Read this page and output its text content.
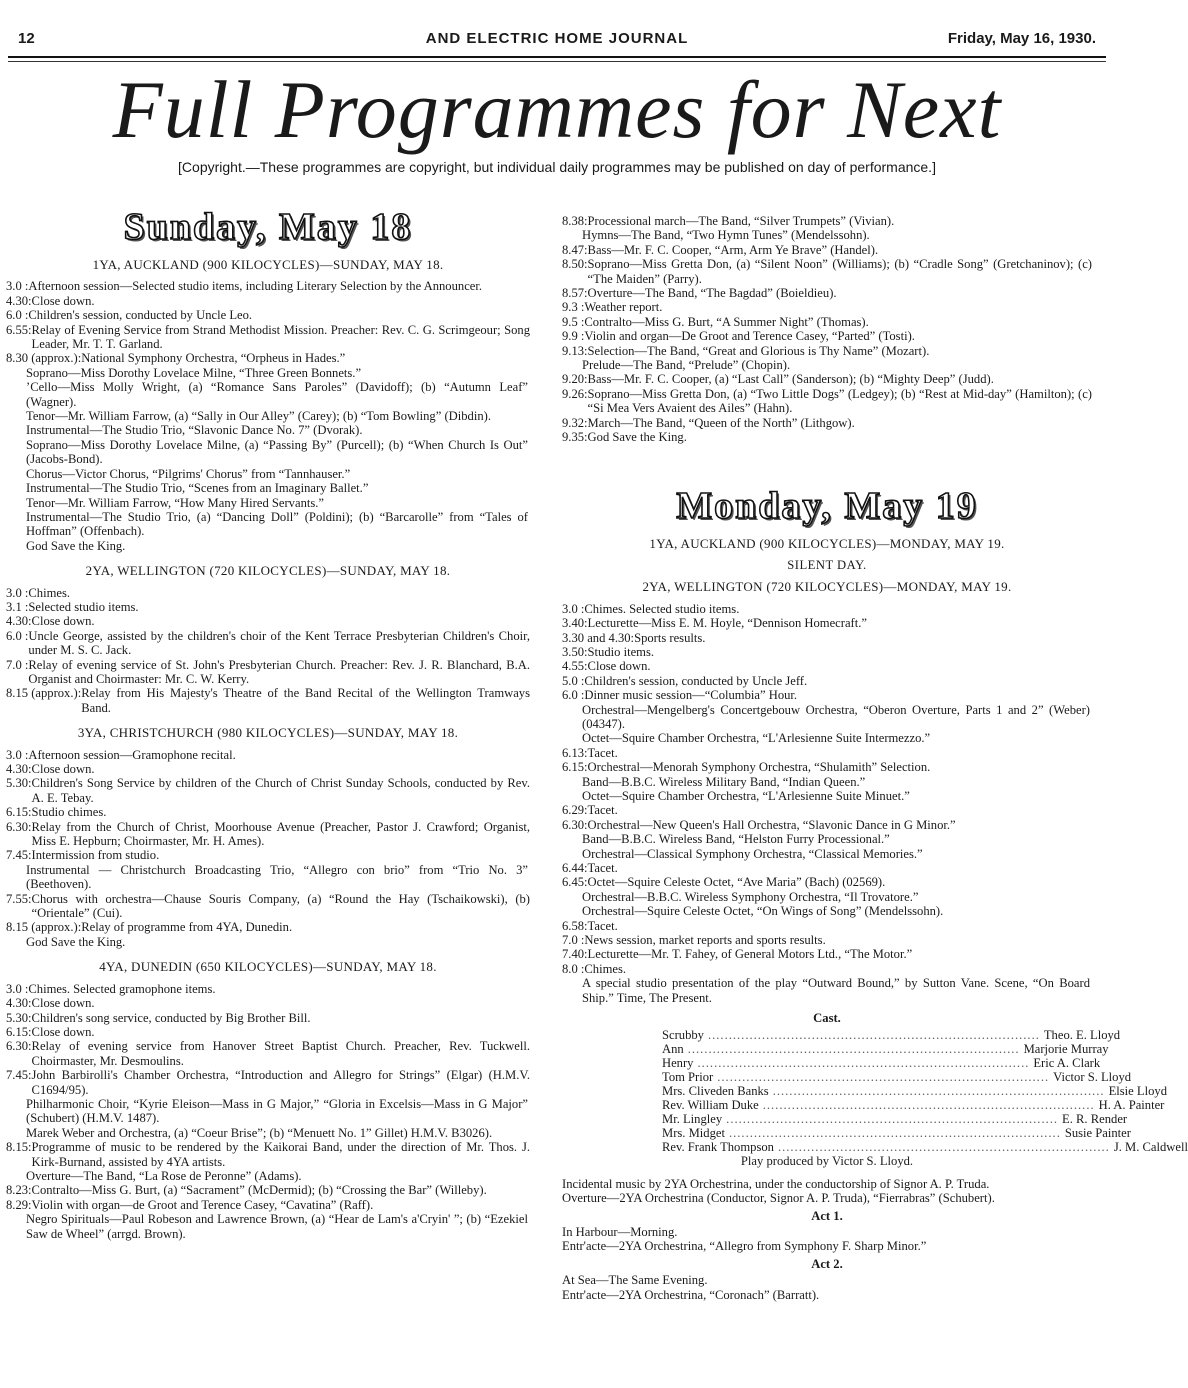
12	AND ELECTRIC HOME JOURNAL	Friday, May 16, 1930.
Full Programmes for Next
[Copyright.—These programmes are copyright, but individual daily programmes may be published on day of performance.]
Sunday, May 18
1YA, AUCKLAND (900 KILOCYCLES)—SUNDAY, MAY 18.
3.0 : Afternoon session—Selected studio items, including Literary Selection by the Announcer.
4.30: Close down.
6.0 : Children's session, conducted by Uncle Leo.
6.55: Relay of Evening Service from Strand Methodist Mission. Preacher: Rev. C. G. Scrimgeour; Song Leader, Mr. T. T. Garland.
8.30 (approx.): National Symphony Orchestra, “Orpheus in Hades.”
Soprano—Miss Dorothy Lovelace Milne, “Three Green Bonnets.”
’Cello—Miss Molly Wright, (a) “Romance Sans Paroles” (Davidoff); (b) “Autumn Leaf” (Wagner).
Tenor—Mr. William Farrow, (a) “Sally in Our Alley” (Carey); (b) “Tom Bowling” (Dibdin).
Instrumental—The Studio Trio, “Slavonic Dance No. 7” (Dvorak).
Soprano—Miss Dorothy Lovelace Milne, (a) “Passing By” (Purcell); (b) “When Church Is Out” (Jacobs-Bond).
Chorus—Victor Chorus, “Pilgrims' Chorus” from “Tannhauser.”
Instrumental—The Studio Trio, “Scenes from an Imaginary Ballet.”
Tenor—Mr. William Farrow, “How Many Hired Servants.”
Instrumental—The Studio Trio, (a) “Dancing Doll” (Poldini); (b) “Barcarolle” from “Tales of Hoffman” (Offenbach).
God Save the King.
2YA, WELLINGTON (720 KILOCYCLES)—SUNDAY, MAY 18.
3.0 : Chimes.
3.1 : Selected studio items.
4.30: Close down.
6.0 : Uncle George, assisted by the children's choir of the Kent Terrace Presbyterian Children's Choir, under M. S. C. Jack.
7.0 : Relay of evening service of St. John's Presbyterian Church. Preacher: Rev. J. R. Blanchard, B.A. Organist and Choirmaster: Mr. C. W. Kerry.
8.15 (approx.): Relay from His Majesty's Theatre of the Band Recital of the Wellington Tramways Band.
3YA, CHRISTCHURCH (980 KILOCYCLES)—SUNDAY, MAY 18.
3.0 : Afternoon session—Gramophone recital.
4.30: Close down.
5.30: Children's Song Service by children of the Church of Christ Sunday Schools, conducted by Rev. A. E. Tebay.
6.15: Studio chimes.
6.30: Relay from the Church of Christ, Moorhouse Avenue (Preacher, Pastor J. Crawford; Organist, Miss E. Hepburn; Choirmaster, Mr. H. Ames).
7.45: Intermission from studio.
Instrumental — Christchurch Broadcasting Trio, “Allegro con brio” from “Trio No. 3” (Beethoven).
7.55: Chorus with orchestra—Chause Souris Company, (a) “Round the Hay (Tschaikowski), (b) “Orientale” (Cui).
8.15 (approx.): Relay of programme from 4YA, Dunedin.
God Save the King.
4YA, DUNEDIN (650 KILOCYCLES)—SUNDAY, MAY 18.
3.0 : Chimes. Selected gramophone items.
4.30: Close down.
5.30: Children's song service, conducted by Big Brother Bill.
6.15: Close down.
6.30: Relay of evening service from Hanover Street Baptist Church. Preacher, Rev. Tuckwell. Choirmaster, Mr. Desmoulins.
7.45: John Barbirolli's Chamber Orchestra, “Introduction and Allegro for Strings” (Elgar) (H.M.V. C1694/95).
Philharmonic Choir, “Kyrie Eleison—Mass in G Major,” “Gloria in Excelsis—Mass in G Major” (Schubert) (H.M.V. 1487).
Marek Weber and Orchestra, (a) “Coeur Brise”; (b) “Menuett No. 1” Gillet) H.M.V. B3026).
8.15: Programme of music to be rendered by the Kaikorai Band, under the direction of Mr. Thos. J. Kirk-Burnand, assisted by 4YA artists.
Overture—The Band, “La Rose de Peronne” (Adams).
8.23: Contralto—Miss G. Burt, (a) “Sacrament” (McDermid); (b) “Crossing the Bar” (Willeby).
8.29: Violin with organ—de Groot and Terence Casey, “Cavatina” (Raff).
Negro Spirituals—Paul Robeson and Lawrence Brown, (a) “Hear de Lam's a'Cryin' ”; (b) “Ezekiel Saw de Wheel” (arrgd. Brown).
8.38: Processional march—The Band, “Silver Trumpets” (Vivian).
Hymns—The Band, “Two Hymn Tunes” (Mendelssohn).
8.47: Bass—Mr. F. C. Cooper, “Arm, Arm Ye Brave” (Handel).
8.50: Soprano—Miss Gretta Don, (a) “Silent Noon” (Williams); (b) “Cradle Song” (Gretchaninov); (c) “The Maiden” (Parry).
8.57: Overture—The Band, “The Bagdad” (Boieldieu).
9.3 : Weather report.
9.5 : Contralto—Miss G. Burt, “A Summer Night” (Thomas).
9.9 : Violin and organ—De Groot and Terence Casey, “Parted” (Tosti).
9.13: Selection—The Band, “Great and Glorious is Thy Name” (Mozart).
Prelude—The Band, “Prelude” (Chopin).
9.20: Bass—Mr. F. C. Cooper, (a) “Last Call” (Sanderson); (b) “Mighty Deep” (Judd).
9.26: Soprano—Miss Gretta Don, (a) “Two Little Dogs” (Ledgey); (b) “Rest at Mid-day” (Hamilton); (c) “Si Mea Vers Avaient des Ailes” (Hahn).
9.32: March—The Band, “Queen of the North” (Lithgow).
9.35: God Save the King.
Monday, May 19
1YA, AUCKLAND (900 KILOCYCLES)—MONDAY, MAY 19.
SILENT DAY.
2YA, WELLINGTON (720 KILOCYCLES)—MONDAY, MAY 19.
3.0 : Chimes. Selected studio items.
3.40: Lecturette—Miss E. M. Hoyle, “Dennison Homecraft.”
3.30 and 4.30: Sports results.
3.50: Studio items.
4.55: Close down.
5.0 : Children's session, conducted by Uncle Jeff.
6.0 : Dinner music session—“Columbia” Hour.
Orchestral—Mengelberg's Concertgebouw Orchestra, “Oberon Overture, Parts 1 and 2” (Weber) (04347).
Octet—Squire Chamber Orchestra, “L'Arlesienne Suite Intermezzo.”
6.13: Tacet.
6.15: Orchestral—Menorah Symphony Orchestra, “Shulamith” Selection.
Band—B.B.C. Wireless Military Band, “Indian Queen.”
Octet—Squire Chamber Orchestra, “L'Arlesienne Suite Minuet.”
6.29: Tacet.
6.30: Orchestral—New Queen's Hall Orchestra, “Slavonic Dance in G Minor.”
Band—B.B.C. Wireless Band, “Helston Furry Processional.”
Orchestral—Classical Symphony Orchestra, “Classical Memories.”
6.44: Tacet.
6.45: Octet—Squire Celeste Octet, “Ave Maria” (Bach) (02569).
Orchestral—B.B.C. Wireless Symphony Orchestra, “Il Trovatore.”
Orchestral—Squire Celeste Octet, “On Wings of Song” (Mendelssohn).
6.58: Tacet.
7.0 : News session, market reports and sports results.
7.40: Lecturette—Mr. T. Fahey, of General Motors Ltd., “The Motor.”
8.0 : Chimes.
A special studio presentation of the play “Outward Bound,” by Sutton Vane. Scene, “On Board Ship.” Time, The Present.
Cast.
Scrubby ................................................................................ Theo. E. Lloyd
Ann ................................................................................ Marjorie Murray
Henry ................................................................................ Eric A. Clark
Tom Prior ................................................................................ Victor S. Lloyd
Mrs. Cliveden Banks ................................................................................ Elsie Lloyd
Rev. William Duke ................................................................................ H. A. Painter
Mr. Lingley ................................................................................ E. R. Render
Mrs. Midget ................................................................................ Susie Painter
Rev. Frank Thompson ................................................................................ J. M. Caldwell
Play produced by Victor S. Lloyd.
Incidental music by 2YA Orchestrina, under the conductorship of Signor A. P. Truda.
Overture—2YA Orchestrina (Conductor, Signor A. P. Truda), “Fierrabras” (Schubert).
Act 1.
In Harbour—Morning.
Entr'acte—2YA Orchestrina, “Allegro from Symphony F. Sharp Minor.”
Act 2.
At Sea—The Same Evening.
Entr'acte—2YA Orchestrina, “Coronach” (Barratt).
